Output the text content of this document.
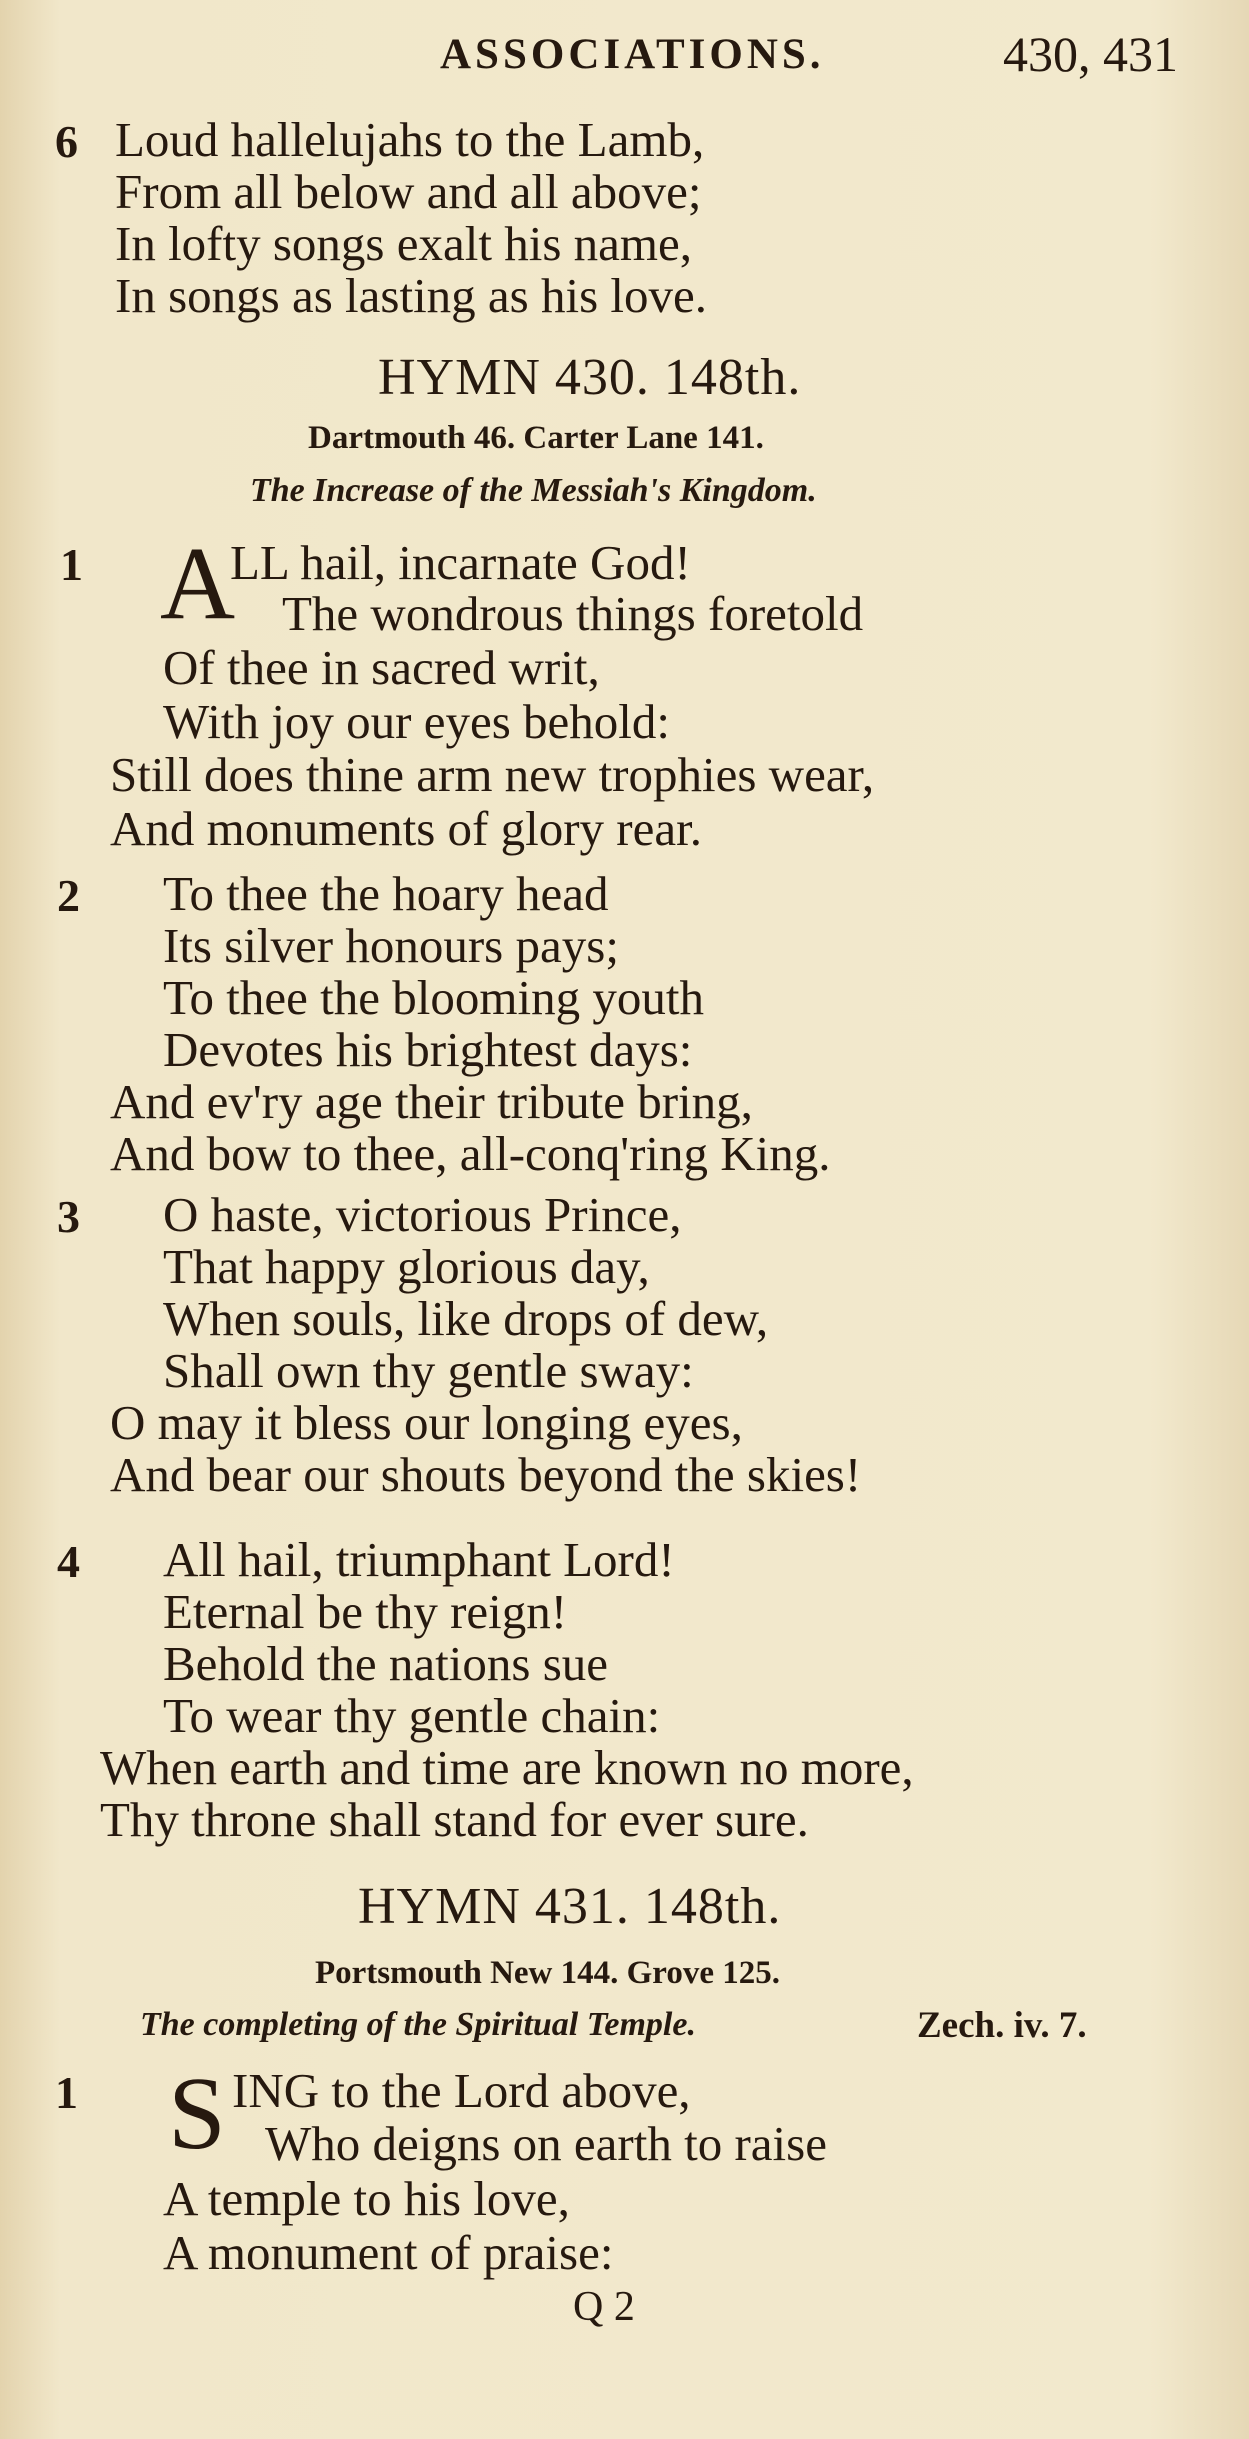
ASSOCIATIONS.	430, 431
6 Loud hallelujahs to the Lamb,
From all below and all above;
In lofty songs exalt his name,
In songs as lasting as his love.
HYMN 430. 148th.
Dartmouth 46. Carter Lane 141.
The Increase of the Messiah's Kingdom.
1 A
LL hail, incarnate God!
The wondrous things foretold
Of thee in sacred writ,
With joy our eyes behold:
Still does thine arm new trophies wear,
And monuments of glory rear.
2 To thee the hoary head
Its silver honours pays;
To thee the blooming youth
Devotes his brightest days:
And ev'ry age their tribute bring,
And bow to thee, all-conq'ring King.
3 O haste, victorious Prince,
That happy glorious day,
When souls, like drops of dew,
Shall own thy gentle sway:
O may it bless our longing eyes,
And bear our shouts beyond the skies!
4 All hail, triumphant Lord!
Eternal be thy reign!
Behold the nations sue
To wear thy gentle chain:
When earth and time are known no more,
Thy throne shall stand for ever sure.
HYMN 431. 148th.
Portsmouth New 144. Grove 125.
The completing of the Spiritual Temple.	Zech. iv. 7.
1 S ING to the Lord above,
Who deigns on earth to raise
A temple to his love,
A monument of praise:
Q 2
